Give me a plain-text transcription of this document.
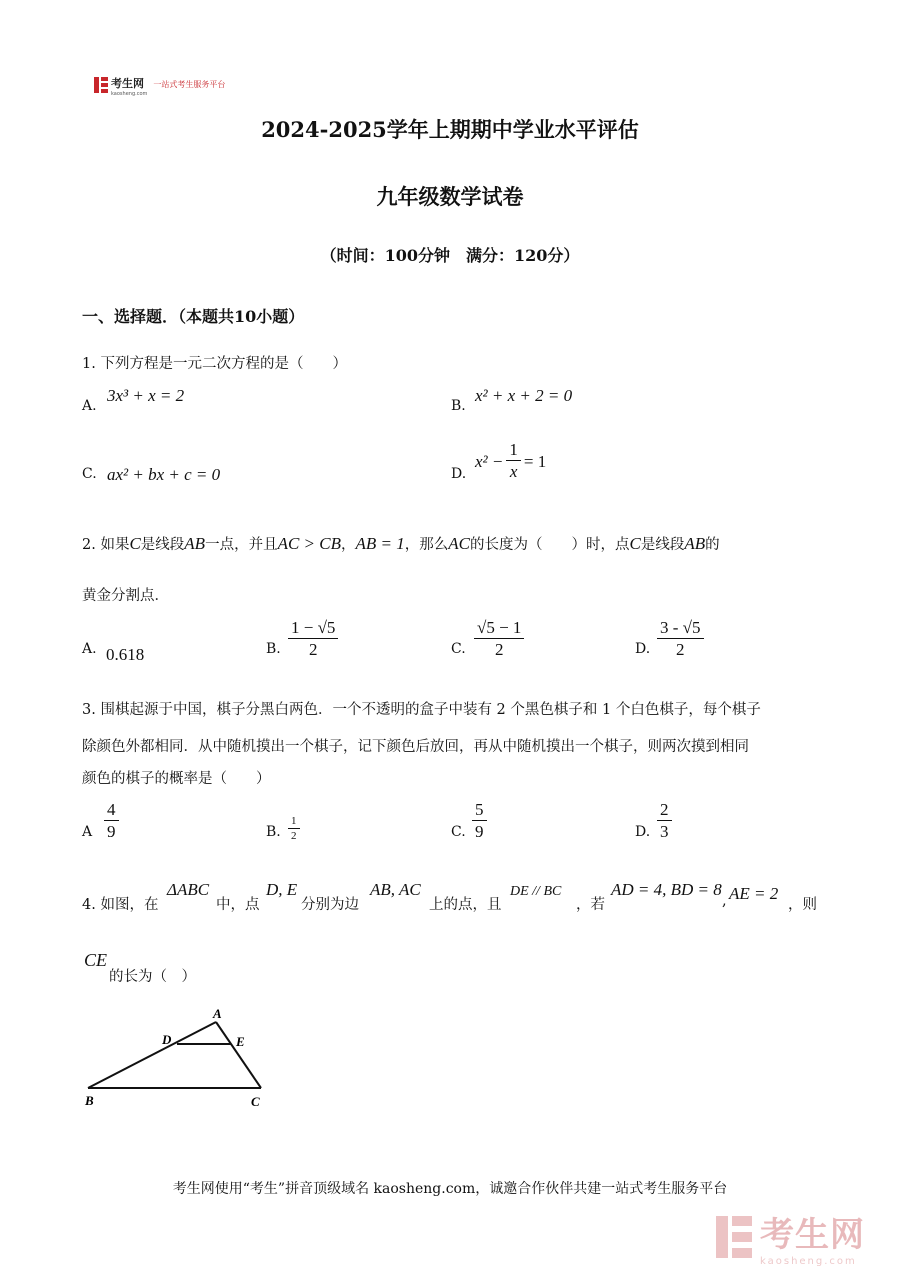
考生网
kaosheng.com
一站式考生服务平台
2024-2025学年上期期中学业水平评估
九年级数学试卷
（时间：100分钟　满分：120分）
一、选择题．（本题共10小题）
1. 下列方程是一元二次方程的是（　　）
A.
3x³ + x = 2
B.
x² + x + 2 = 0
C. ax² + bx + c = 0	D.
$x^2 - \frac{1}{x} = 1$
2. 如果C是线段AB一点，并且AC > CB，AB = 1，那么AC的长度为（　　）时，点C是线段AB的
黄金分割点．
A. 0.618	B. $\frac{1 - √5}{2}$	C. $\frac{√5 - 1}{2}$	D. $\frac{3 - √5}{2}$
3. 围棋起源于中国，棋子分黑白两色．一个不透明的盒子中装有 2 个黑色棋子和 1 个白色棋子，每个棋子
除颜色外都相同．从中随机摸出一个棋子，记下颜色后放回，再从中随机摸出一个棋子，则两次摸到相同
颜色的棋子的概率是（　　）
A $\frac{4}{9}$	B. $\frac{1}{2}$	C. $\frac{5}{9}$	D. $\frac{2}{3}$
4. 如图，在
ΔABC
中，点
D, E
分别为边
AB, AC
上的点，且
DE // BC
，若
AD = 4, BD = 8
, AE = 2
，则
CE
的长为（　）
A
D	E
B	C
考生网使用“考生”拼音顶级域名 kaosheng.com，诚邀合作伙伴共建一站式考生服务平台
考生网
kaosheng.com
